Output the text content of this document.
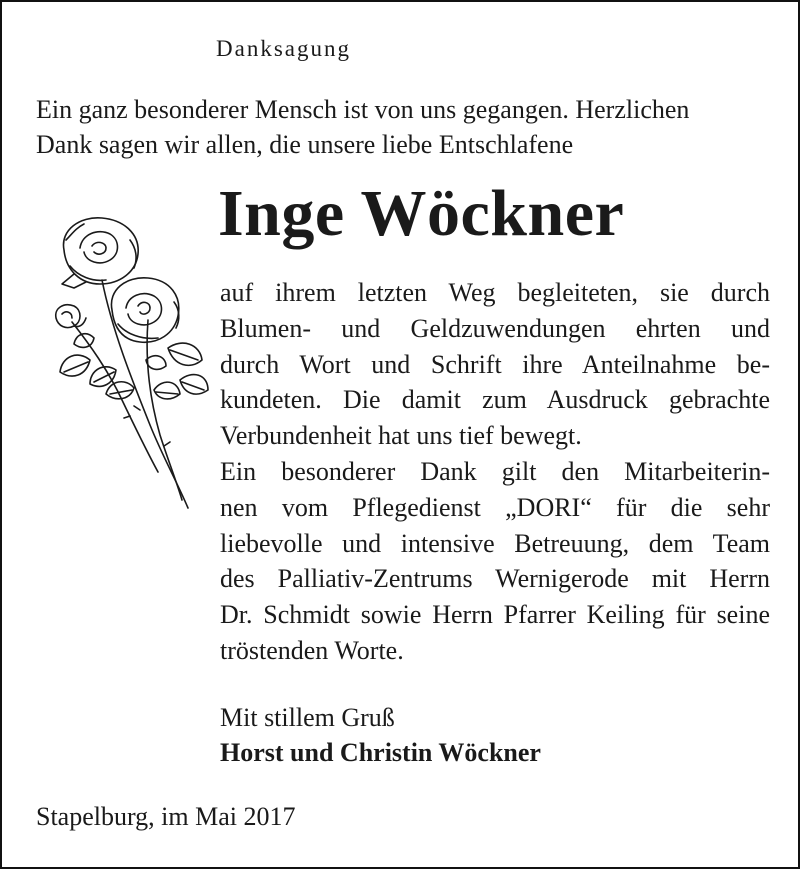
Danksagung

Ein ganz besonderer Mensch ist von uns gegangen. Herzlichen
Dank sagen wir allen, die unsere liebe Entschlafene

Inge Wöckner

auf ihrem letzten Weg begleiteten, sie durch
Blumen- und Geldzuwendungen ehrten und
durch Wort und Schrift ihre Anteilnahme be-
kundeten. Die damit zum Ausdruck gebrachte
Verbundenheit hat uns tief bewegt.
Ein besonderer Dank gilt den Mitarbeiterin-
nen vom Pflegedienst „DORI“ für die sehr
liebevolle und intensive Betreuung, dem Team
des Palliativ-Zentrums Wernigerode mit Herrn
Dr. Schmidt sowie Herrn Pfarrer Keiling für seine
tröstenden Worte.

Mit stillem Gruß

Horst und Christin Wöckner

Stapelburg, im Mai 2017
